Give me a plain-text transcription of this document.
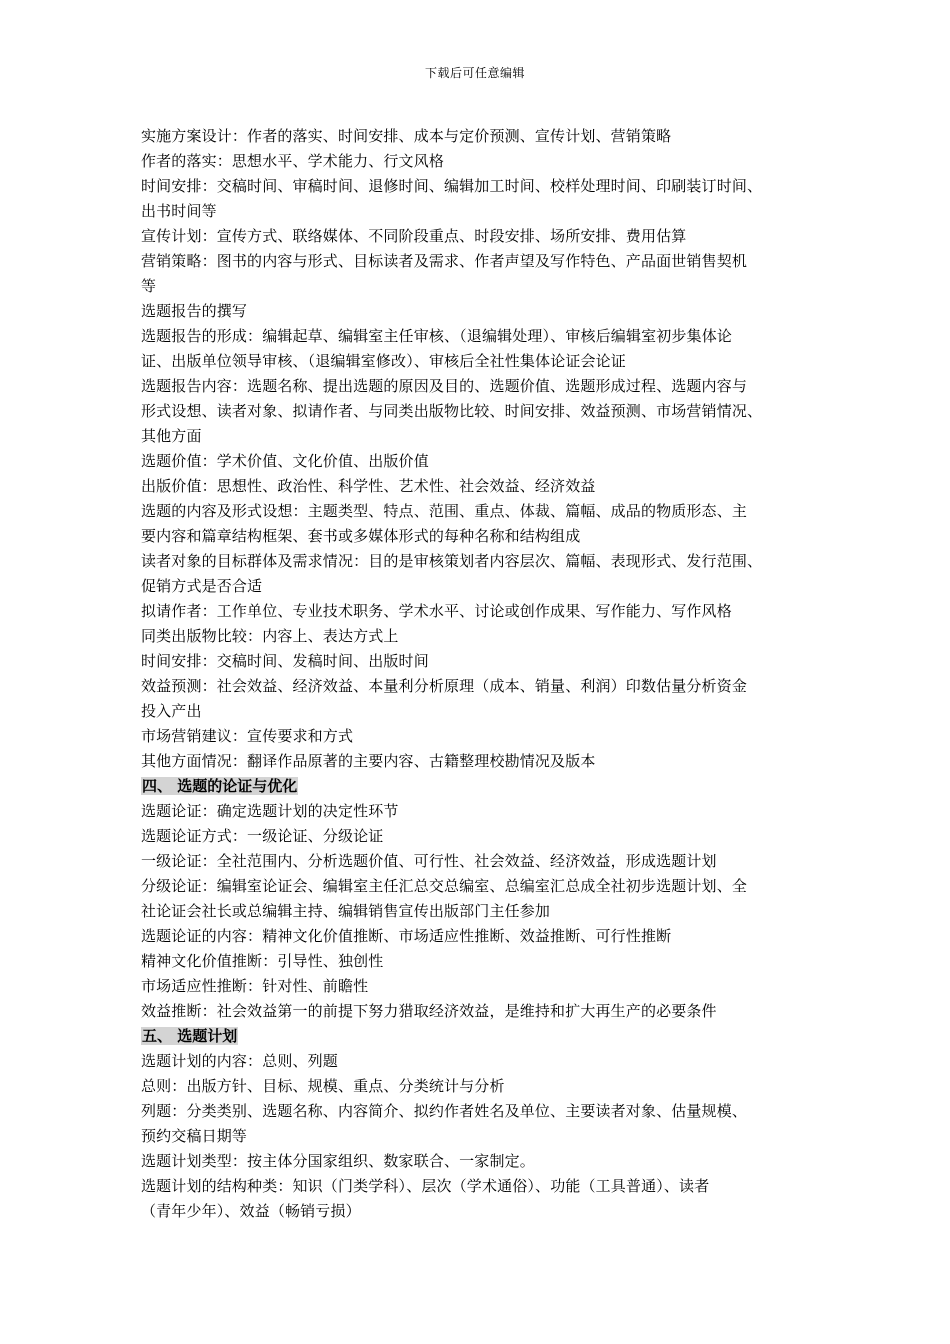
下载后可任意编辑
实施方案设计：作者的落实、时间安排、成本与定价预测、宣传计划、营销策略
作者的落实：思想水平、学术能力、行文风格
时间安排：交稿时间、审稿时间、退修时间、编辑加工时间、校样处理时间、印刷装订时间、
出书时间等
宣传计划：宣传方式、联络媒体、不同阶段重点、时段安排、场所安排、费用估算
营销策略：图书的内容与形式、目标读者及需求、作者声望及写作特色、产品面世销售契机
等
选题报告的撰写
选题报告的形成：编辑起草、编辑室主任审核、（退编辑处理）、审核后编辑室初步集体论
证、出版单位领导审核、（退编辑室修改）、审核后全社性集体论证会论证
选题报告内容：选题名称、提出选题的原因及目的、选题价值、选题形成过程、选题内容与
形式设想、读者对象、拟请作者、与同类出版物比较、时间安排、效益预测、市场营销情况、
其他方面
选题价值：学术价值、文化价值、出版价值
出版价值：思想性、政治性、科学性、艺术性、社会效益、经济效益
选题的内容及形式设想：主题类型、特点、范围、重点、体裁、篇幅、成品的物质形态、主
要内容和篇章结构框架、套书或多媒体形式的每种名称和结构组成
读者对象的目标群体及需求情况：目的是审核策划者内容层次、篇幅、表现形式、发行范围、
促销方式是否合适
拟请作者：工作单位、专业技术职务、学术水平、讨论或创作成果、写作能力、写作风格
同类出版物比较：内容上、表达方式上
时间安排：交稿时间、发稿时间、出版时间
效益预测：社会效益、经济效益、本量利分析原理（成本、销量、利润）印数估量分析资金
投入产出
市场营销建议：宣传要求和方式
其他方面情况：翻译作品原著的主要内容、古籍整理校勘情况及版本
四、 选题的论证与优化
选题论证：确定选题计划的决定性环节
选题论证方式：一级论证、分级论证
一级论证：全社范围内、分析选题价值、可行性、社会效益、经济效益，形成选题计划
分级论证：编辑室论证会、编辑室主任汇总交总编室、总编室汇总成全社初步选题计划、全
社论证会社长或总编辑主持、编辑销售宣传出版部门主任参加
选题论证的内容：精神文化价值推断、市场适应性推断、效益推断、可行性推断
精神文化价值推断：引导性、独创性
市场适应性推断：针对性、前瞻性
效益推断：社会效益第一的前提下努力猎取经济效益，是维持和扩大再生产的必要条件
五、 选题计划
选题计划的内容：总则、列题
总则：出版方针、目标、规模、重点、分类统计与分析
列题：分类类别、选题名称、内容简介、拟约作者姓名及单位、主要读者对象、估量规模、
预约交稿日期等
选题计划类型：按主体分国家组织、数家联合、一家制定。
选题计划的结构种类：知识（门类学科）、层次（学术通俗）、功能（工具普通）、读者
（青年少年）、效益（畅销亏损）
